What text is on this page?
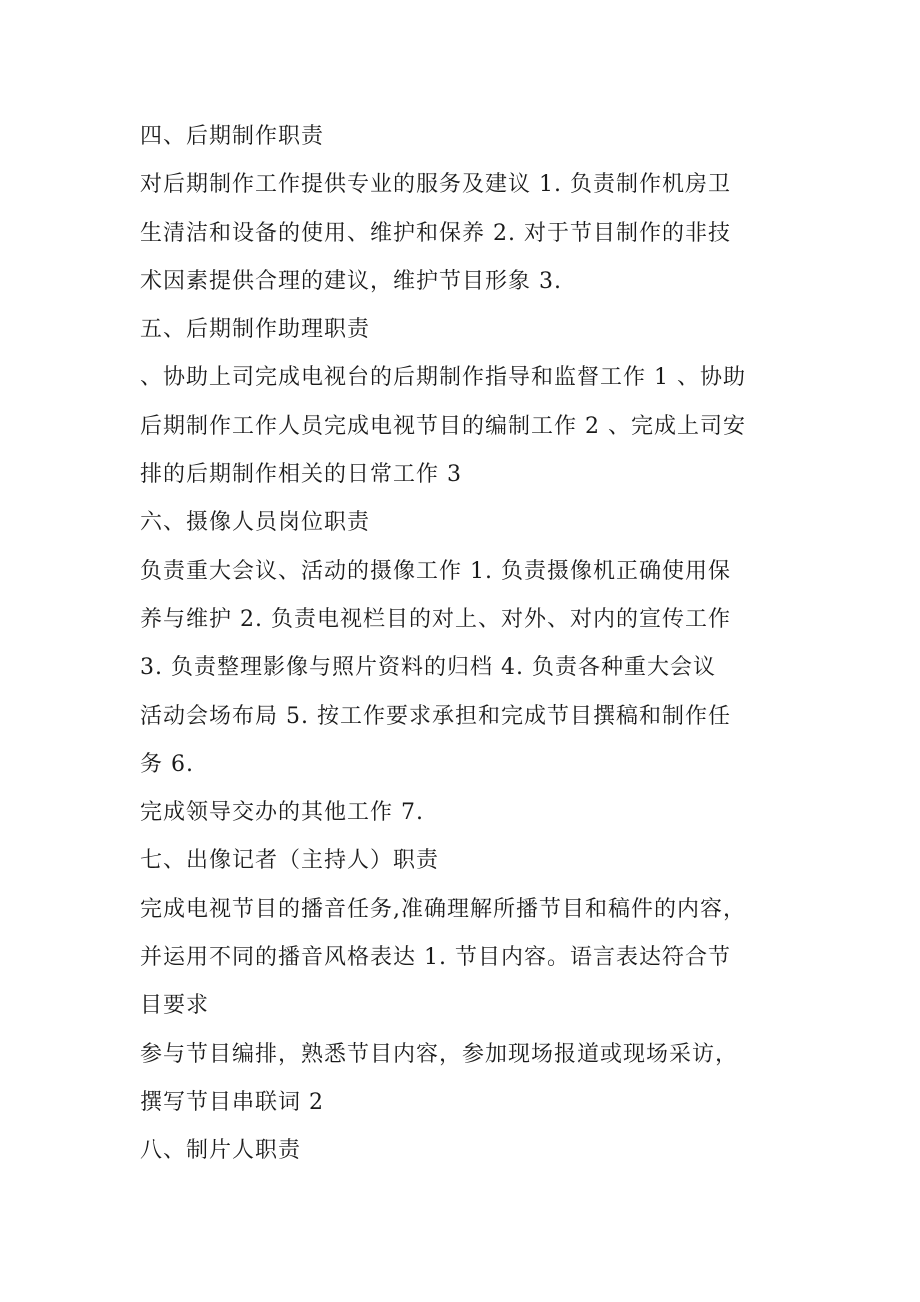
四、后期制作职责

对后期制作工作提供专业的服务及建议 1. 负责制作机房卫

生清洁和设备的使用、维护和保养 2. 对于节目制作的非技

术因素提供合理的建议，维护节目形象 3.

五、后期制作助理职责

、协助上司完成电视台的后期制作指导和监督工作 1 、协助

后期制作工作人员完成电视节目的编制工作 2 、完成上司安

排的后期制作相关的日常工作 3

六、摄像人员岗位职责

负责重大会议、活动的摄像工作 1. 负责摄像机正确使用保

养与维护 2. 负责电视栏目的对上、对外、对内的宣传工作

3. 负责整理影像与照片资料的归档 4. 负责各种重大会议

活动会场布局 5. 按工作要求承担和完成节目撰稿和制作任

务 6.

完成领导交办的其他工作 7.

七、出像记者（主持人）职责

完成电视节目的播音任务,准确理解所播节目和稿件的内容，

并运用不同的播音风格表达 1. 节目内容。语言表达符合节

目要求

参与节目编排，熟悉节目内容，参加现场报道或现场采访，

撰写节目串联词 2

八、制片人职责
